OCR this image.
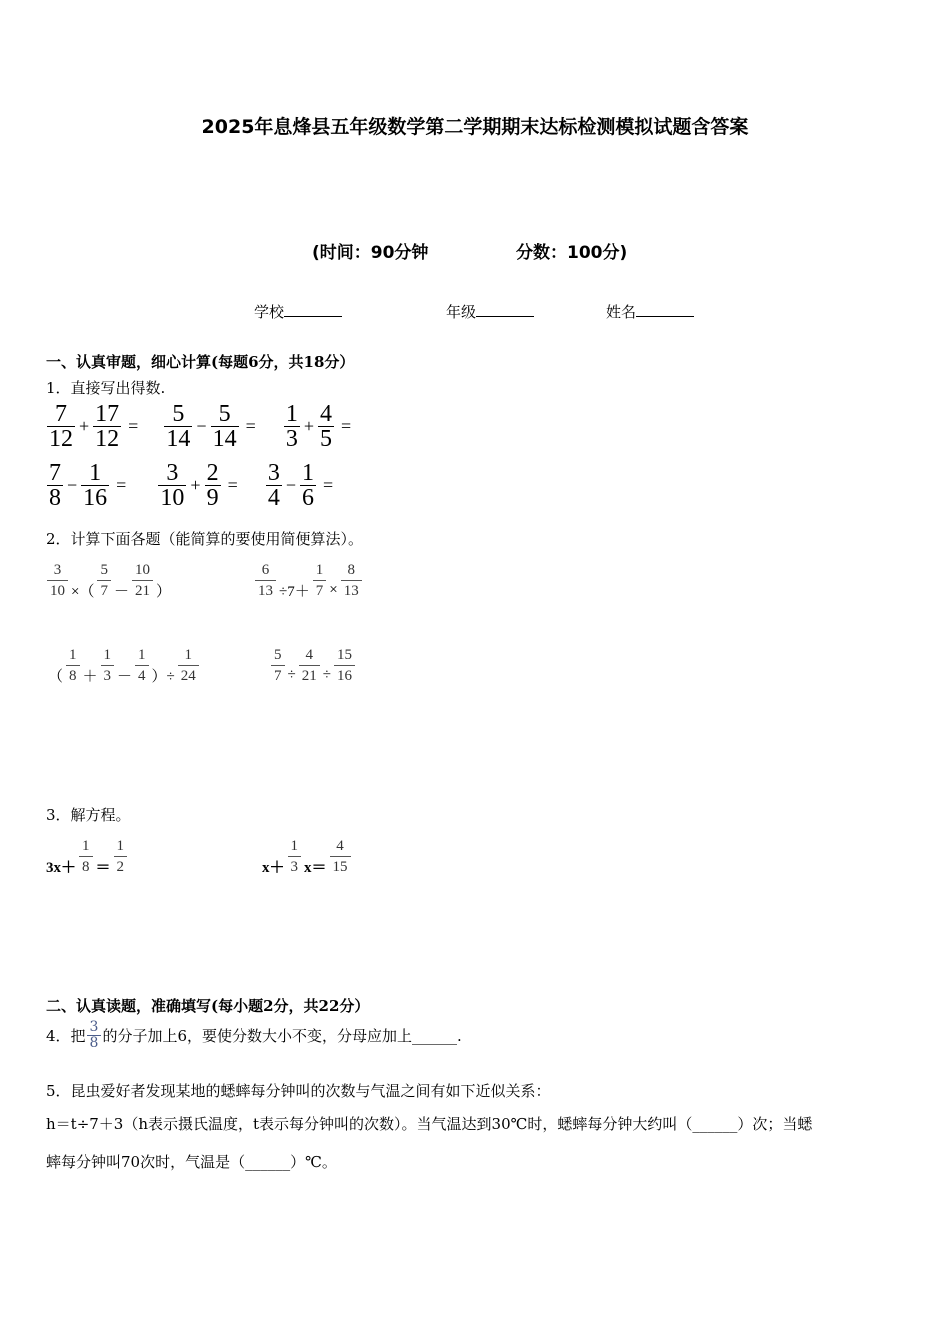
2025年息烽县五年级数学第二学期期末达标检测模拟试题含答案
(时间：90分钟	分数：100分)
学校	年级	姓名
一、认真审题，细心计算(每题6分，共18分）
1．直接写出得数.
7
$12 + \frac{17}{12}$ =
5
$14 - \frac{5}{14}$ =
1
$3 + \frac{4}{5}$ =
7
$8 - \frac{1}{16}$ =
3
$10 + \frac{2}{9}$ =
3
$4 - \frac{1}{6}$ =
2．计算下面各题（能简算的要使用简便算法）。
$\frac{3}{10}$ ×（
5
7 －
10
21 ）	$\frac{6}{13} \div 7+ \frac{1}{7} \times \frac{8}{13}$
（
1
8 ＋
1
3 －
1
4 ）÷ $\frac{1}{24}$	$\frac{5}{7} \div \frac{4}{21} \div \frac{15}{16}$
3．解方程。
3x＋
1
8 ＝
1
2	x＋
1
3 x＝
4
15
二、认真读题，准确填写(每小题2分，共22分）
4．把 $\frac{3}{8}$ 的分子加上6，要使分数大小不变，分母应加上______.
5．昆虫爱好者发现某地的蟋蟀每分钟叫的次数与气温之间有如下近似关系：
h＝t÷7＋3（h表示摄氏温度，t表示每分钟叫的次数）。当气温达到30℃时，蟋蟀每分钟大约叫（______）次；当蟋
蟀每分钟叫70次时，气温是（______）℃。
